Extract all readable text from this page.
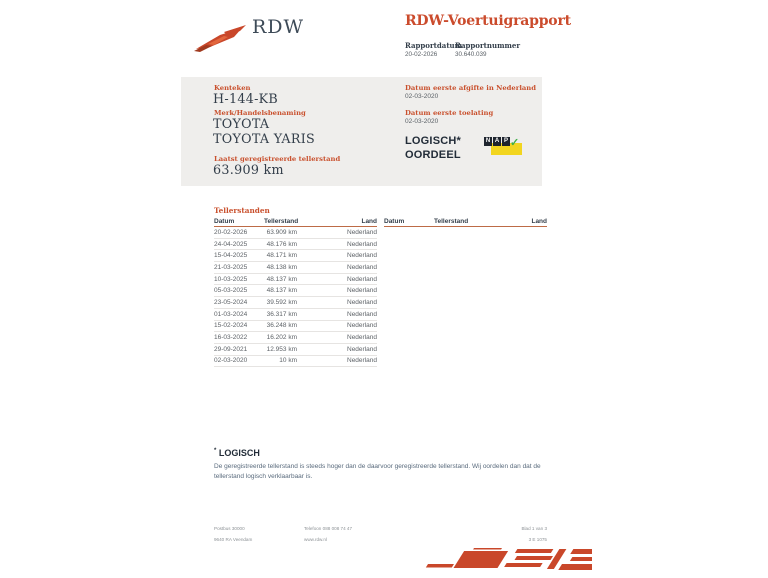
RDW	RDW-Voertuigrapport
Rapportdatum
Rapportnummer
20-02-2026	30.640.039
Kenteken
H-144-KB
Merk/Handelsbenaming
TOYOTA TOYOTA YARIS
Laatst geregistreerde tellerstand
63.909 km
Datum eerste afgifte in Nederland
02-03-2020
Datum eerste toelating
02-03-2020
LOGISCH*
OORDEEL
N A P ✓
Tellerstanden
Datum	Tellerstand	Land
20-02-2026	63.909 km	Nederland
24-04-2025	48.176 km	Nederland
15-04-2025	48.171 km	Nederland
21-03-2025	48.138 km	Nederland
10-03-2025	48.137 km	Nederland
05-03-2025	48.137 km	Nederland
23-05-2024	39.592 km	Nederland
01-03-2024	36.317 km	Nederland
15-02-2024	36.248 km	Nederland
16-03-2022	16.202 km	Nederland
29-09-2021	12.953 km	Nederland
02-03-2020	10 km	Nederland
Datum	Tellerstand	Land
* LOGISCH
De geregistreerde tellerstand is steeds hoger dan de daarvoor geregistreerde tellerstand. Wij oordelen dan dat de tellerstand logisch verklaarbaar is.
Postbus 30000
9640 RA Veendam
Telefoon 088 008 74 47
www.rdw.nl
Blad 1 van 3
3 E 1075
